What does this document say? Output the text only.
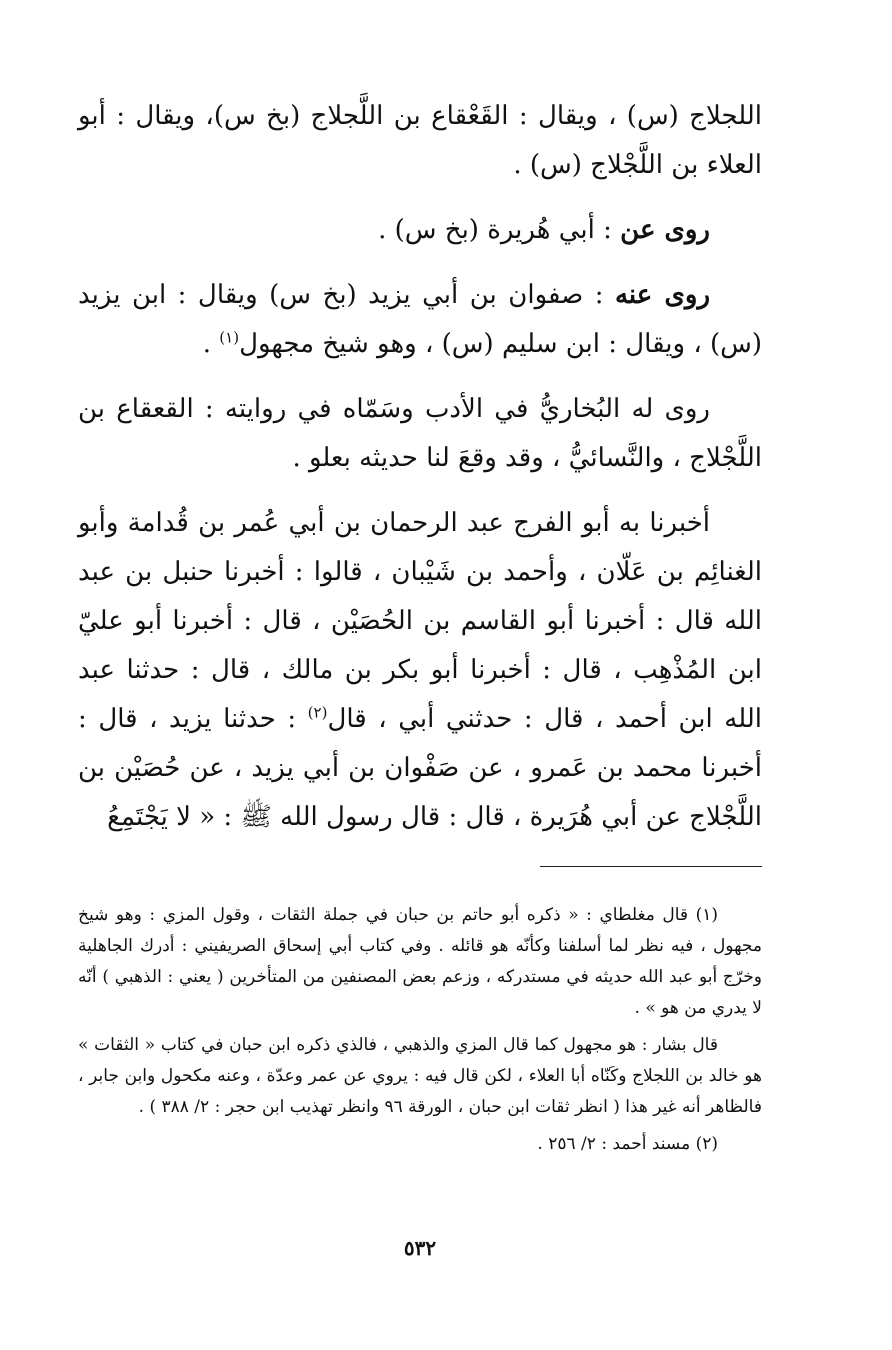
اللجلاج (س) ، ويقال : القَعْقاع بن اللَّجلاج (بخ س)، ويقال : أبو العلاء بن اللَّجْلاج (س) .

روى عن : أبي هُريرة (بخ س) .

روى عنه : صفوان بن أبي يزيد (بخ س) ويقال : ابن يزيد (س) ، ويقال : ابن سليم (س) ، وهو شيخ مجهول$^{(١)}$ .

روى له البُخاريُّ في الأدب وسَمّاه في روايته : القعقاع بن اللَّجْلاج ، والنَّسائيُّ ، وقد وقعَ لنا حديثه بعلو .

أخبرنا به أبو الفرج عبد الرحمان بن أبي عُمر بن قُدامة وأبو الغنائِم بن عَلّان ، وأحمد بن شَيْبان ، قالوا : أخبرنا حنبل بن عبد الله قال : أخبرنا أبو القاسم بن الحُصَيْن ، قال : أخبرنا أبو عليّ ابن المُذْهِب ، قال : أخبرنا أبو بكر بن مالك ، قال : حدثنا عبد الله ابن أحمد ، قال : حدثني أبي ، قال$^{(٢)}$ : حدثنا يزيد ، قال : أخبرنا محمد بن عَمرو ، عن صَفْوان بن أبي يزيد ، عن حُصَيْن بن اللَّجْلاج عن أبي هُرَيرة ، قال : قال رسول الله ﷺ : « لا يَجْتَمِعُ

(١) قال مغلطاي : « ذكره أبو حاتم بن حبان في جملة الثقات ، وقول المزي : وهو شيخ مجهول ، فيه نظر لما أسلفنا وكأنّه هو قائله . وفي كتاب أبي إسحاق الصريفيني : أدرك الجاهلية وخرّج أبو عبد الله حديثه في مستدركه ، وزعم بعض المصنفين من المتأخرين ( يعني : الذهبي ) أنّه لا يدري من هو » .

قال بشار : هو مجهول كما قال المزي والذهبي ، فالذي ذكره ابن حبان في كتاب « الثقات » هو خالد بن اللجلاج وكَنّاه أبا العلاء ، لكن قال فيه : يروي عن عمر وعدّة ، وعنه مكحول وابن جابر ، فالظاهر أنه غير هذا ( انظر ثقات ابن حبان ، الورقة ٩٦ وانظر تهذيب ابن حجر : ٢/ ٣٨٨ ) .

(٢) مسند أحمد : ٢/ ٢٥٦ .

٥٣٢
